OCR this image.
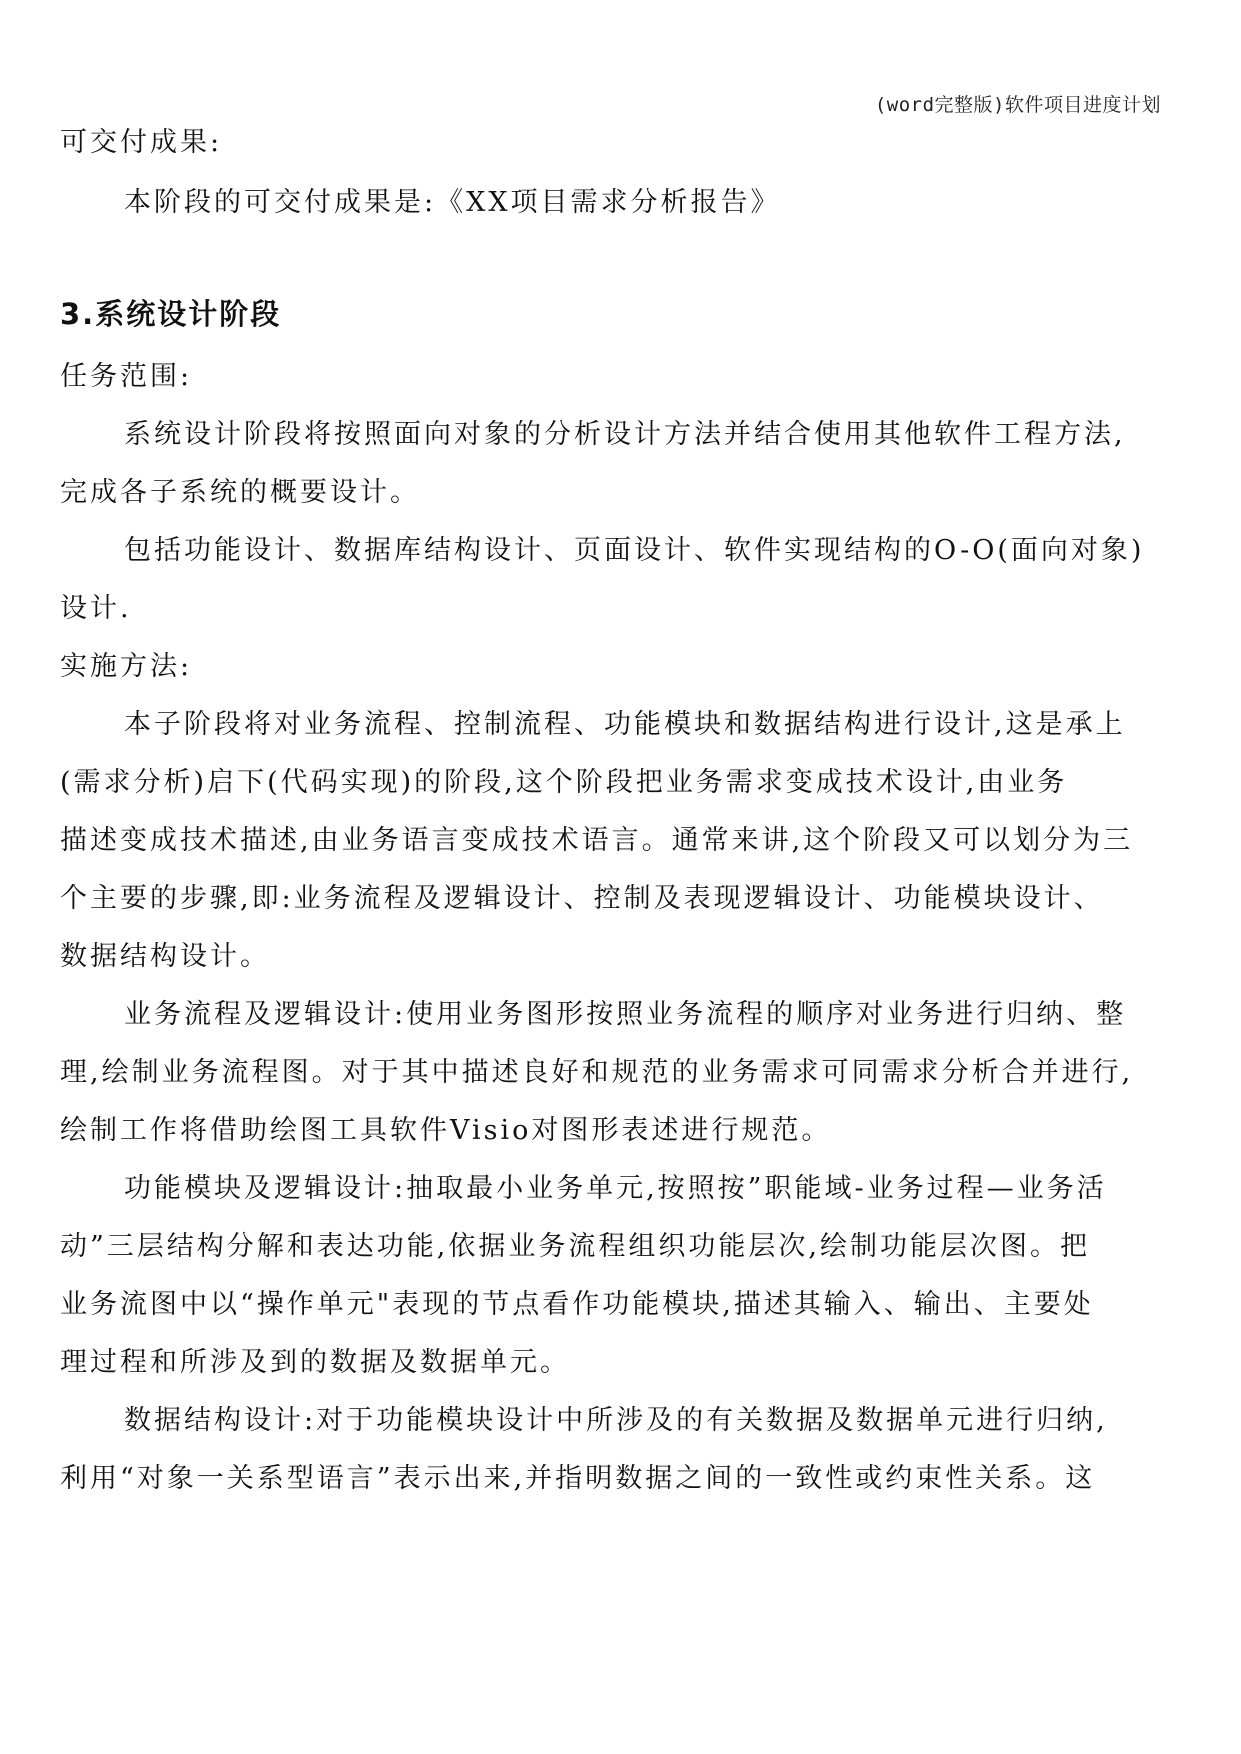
(word完整版)软件项目进度计划
可交付成果:
本阶段的可交付成果是:《XX项目需求分析报告》
3.系统设计阶段
任务范围:
系统设计阶段将按照面向对象的分析设计方法并结合使用其他软件工程方法,
完成各子系统的概要设计。
包括功能设计、数据库结构设计、页面设计、软件实现结构的O-O(面向对象)
设计.
实施方法:
本子阶段将对业务流程、控制流程、功能模块和数据结构进行设计,这是承上
(需求分析)启下(代码实现)的阶段,这个阶段把业务需求变成技术设计,由业务
描述变成技术描述,由业务语言变成技术语言。通常来讲,这个阶段又可以划分为三
个主要的步骤,即:业务流程及逻辑设计、控制及表现逻辑设计、功能模块设计、
数据结构设计。
业务流程及逻辑设计:使用业务图形按照业务流程的顺序对业务进行归纳、整
理,绘制业务流程图。对于其中描述良好和规范的业务需求可同需求分析合并进行,
绘制工作将借助绘图工具软件Visio对图形表述进行规范。
功能模块及逻辑设计:抽取最小业务单元,按照按”职能域-业务过程—业务活
动”三层结构分解和表达功能,依据业务流程组织功能层次,绘制功能层次图。把
业务流图中以“操作单元"表现的节点看作功能模块,描述其输入、输出、主要处
理过程和所涉及到的数据及数据单元。
数据结构设计:对于功能模块设计中所涉及的有关数据及数据单元进行归纳,
利用“对象一关系型语言”表示出来,并指明数据之间的一致性或约束性关系。这
